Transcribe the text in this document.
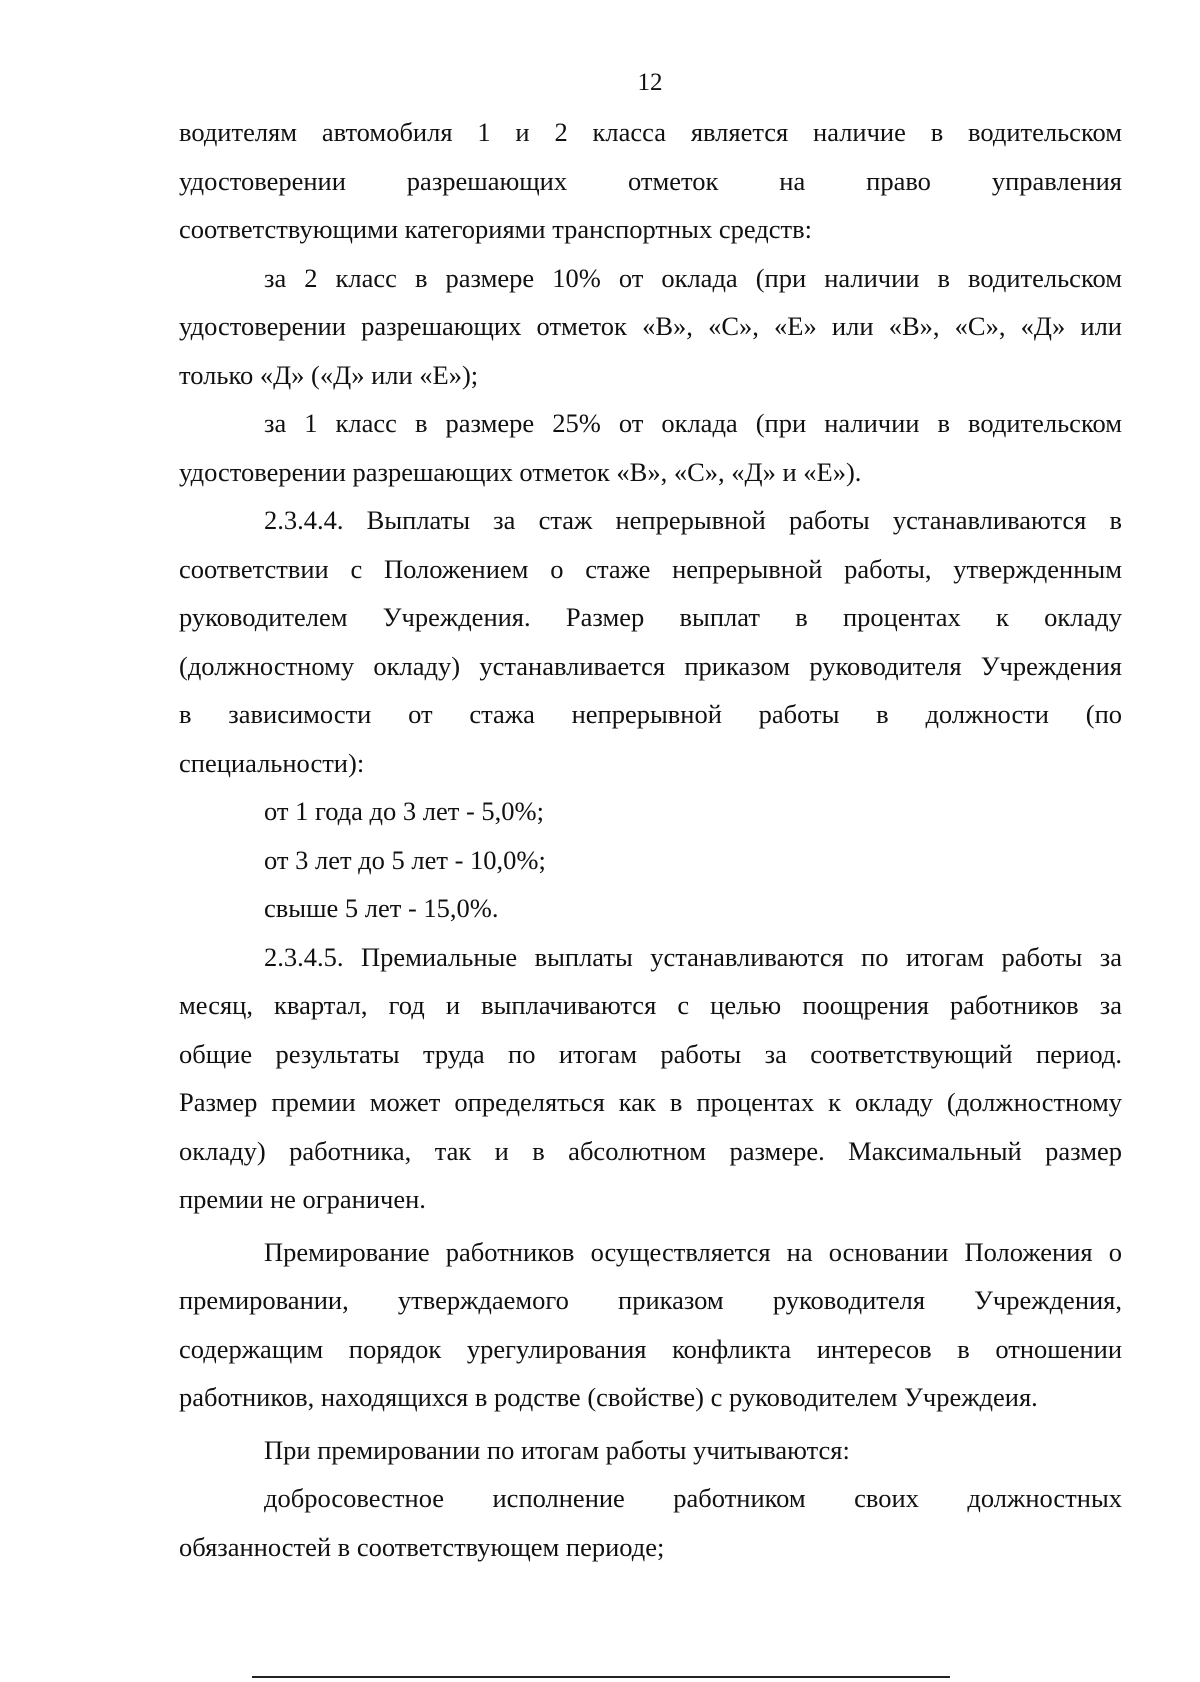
12

водителям автомобиля 1 и 2 класса является наличие в водительском
удостоверении разрешающих отметок на право управления
соответствующими категориями транспортных средств:

за 2 класс в размере 10% от оклада (при наличии в водительском
удостоверении разрешающих отметок «В», «С», «Е» или «В», «С», «Д» или
только «Д» («Д» или «Е»);

за 1 класс в размере 25% от оклада (при наличии в водительском
удостоверении разрешающих отметок «В», «С», «Д» и «Е»).

2.3.4.4. Выплаты за стаж непрерывной работы устанавливаются в
соответствии с Положением о стаже непрерывной работы, утвержденным
руководителем Учреждения. Размер выплат в процентах к окладу
(должностному окладу) устанавливается приказом руководителя Учреждения
в зависимости от стажа непрерывной работы в должности (по
специальности):

от 1 года до 3 лет - 5,0%;

от 3 лет до 5 лет - 10,0%;

свыше 5 лет - 15,0%.

2.3.4.5. Премиальные выплаты устанавливаются по итогам работы за
месяц, квартал, год и выплачиваются с целью поощрения работников за
общие результаты труда по итогам работы за соответствующий период.
Размер премии может определяться как в процентах к окладу (должностному
окладу) работника, так и в абсолютном размере. Максимальный размер
премии не ограничен.

Премирование работников осуществляется на основании Положения о
премировании, утверждаемого приказом руководителя Учреждения,
содержащим порядок урегулирования конфликта интересов в отношении
работников, находящихся в родстве (свойстве) с руководителем Учреждеия.

При премировании по итогам работы учитываются:

добросовестное исполнение работником своих должностных
обязанностей в соответствующем периоде;
